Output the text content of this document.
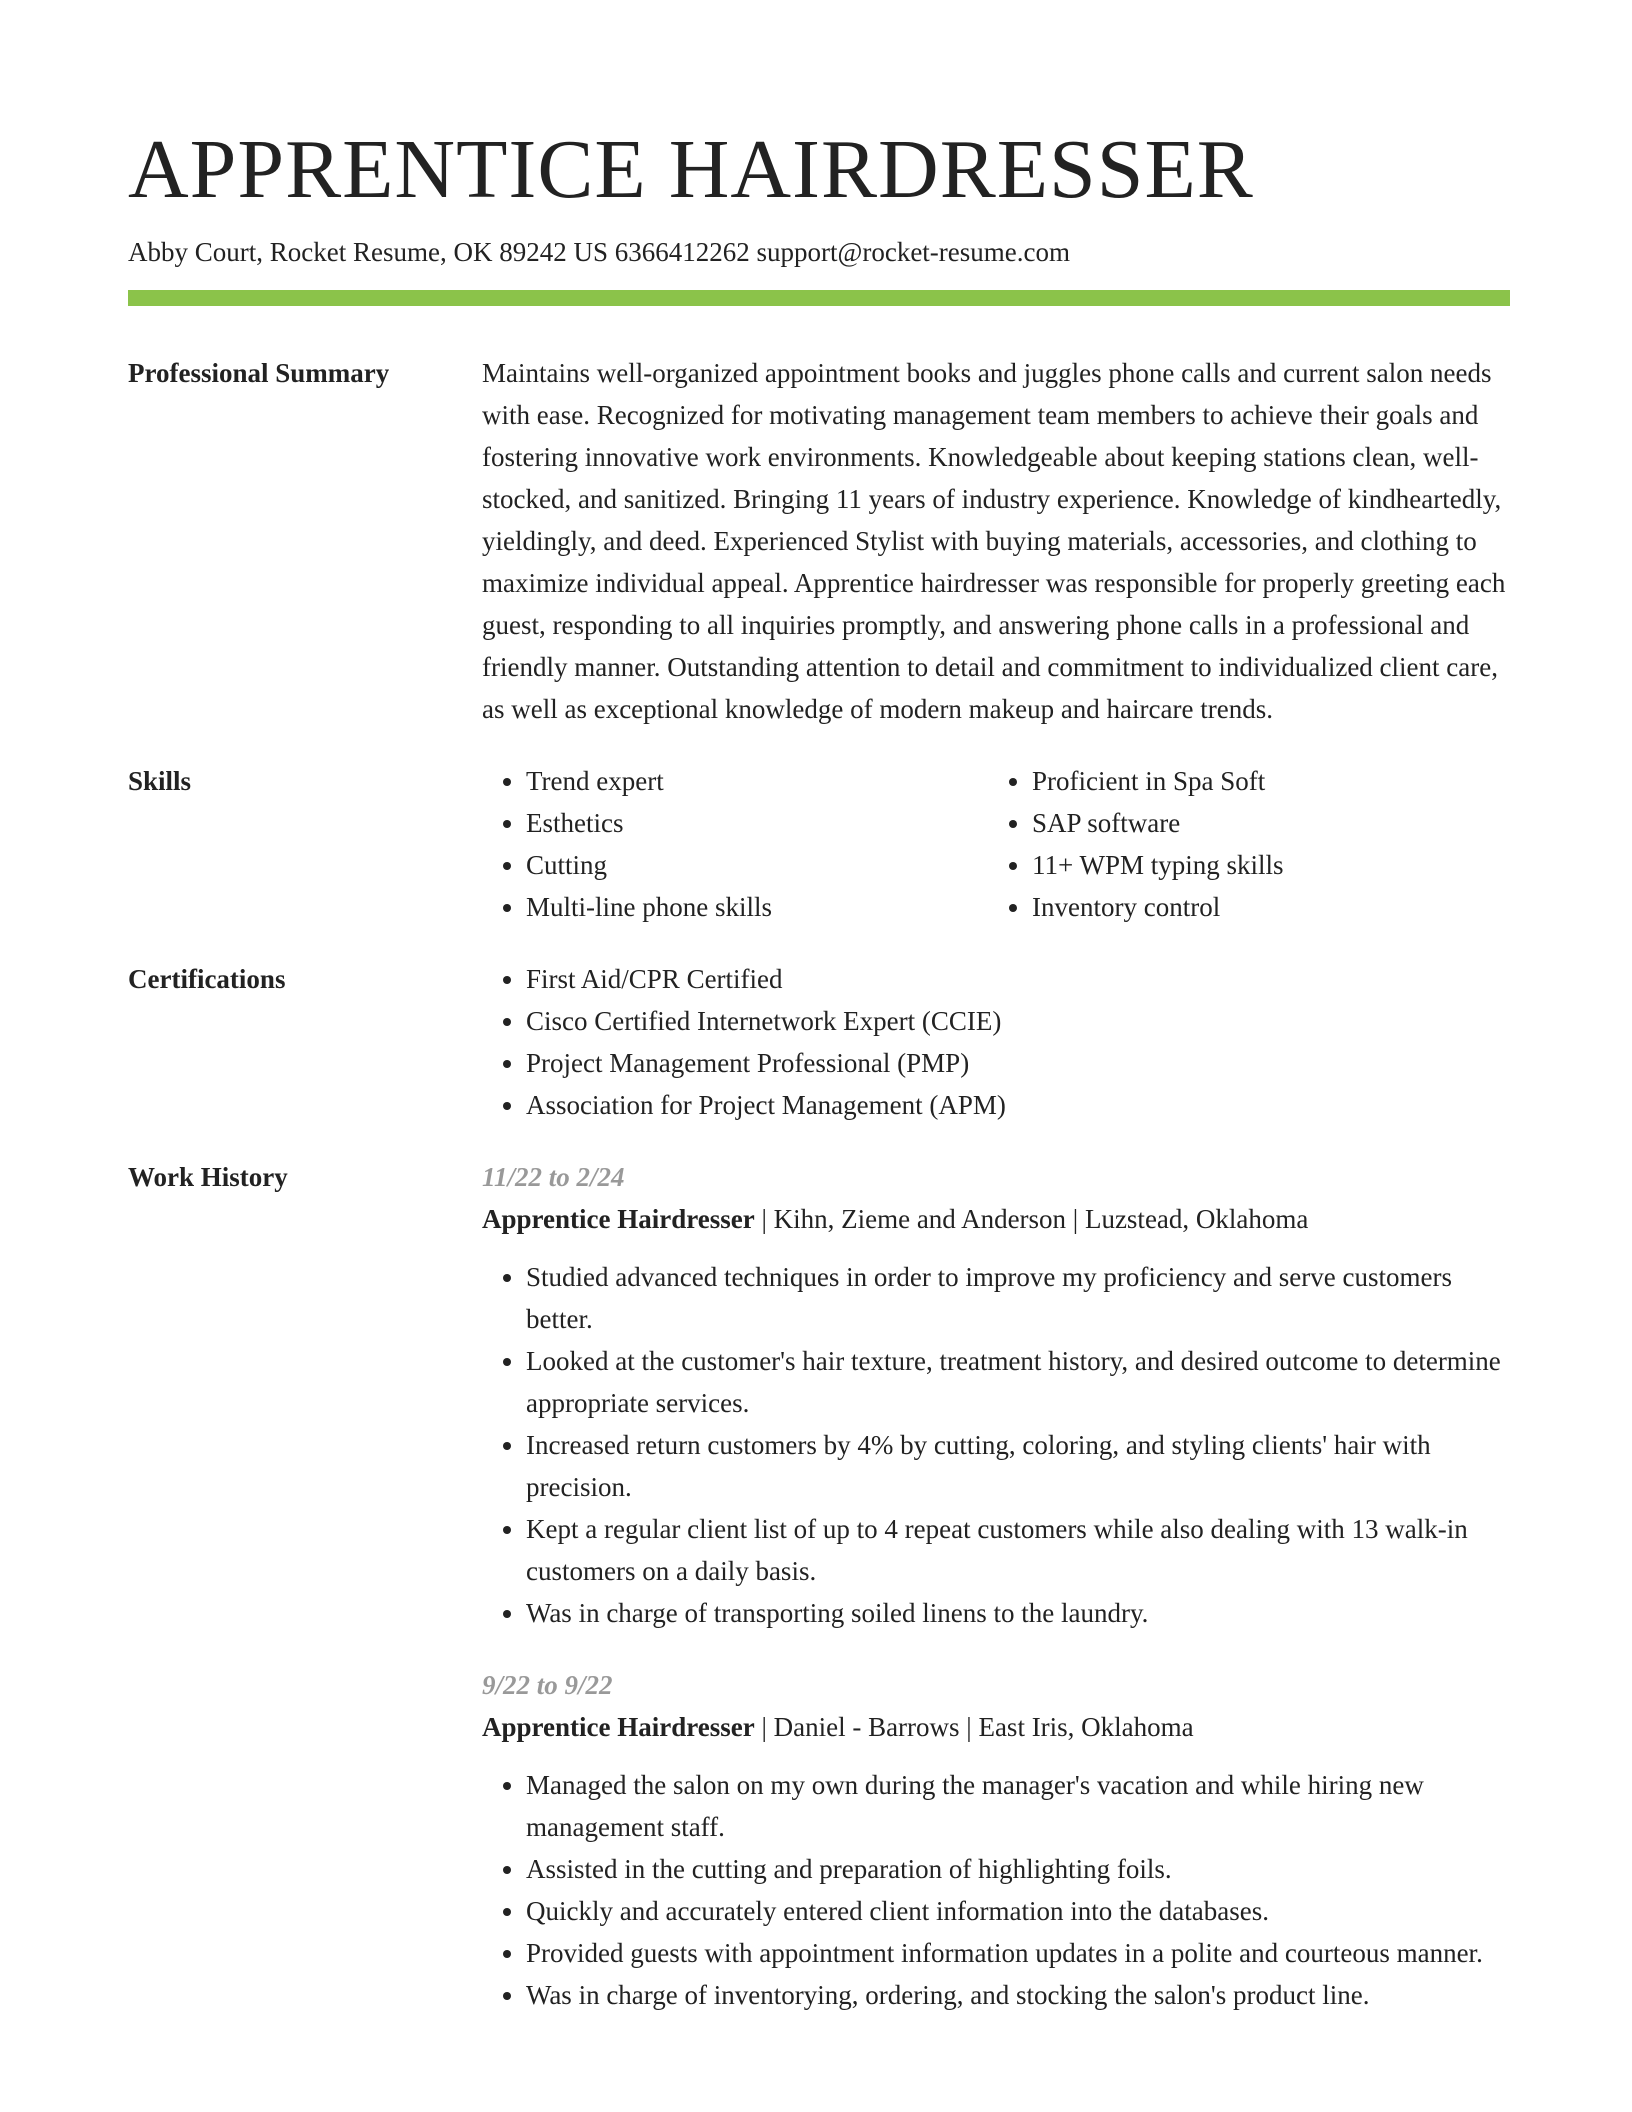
APPRENTICE HAIRDRESSER
Abby Court, Rocket Resume, OK 89242 US 6366412262 support@rocket-resume.com
Professional Summary	Maintains well-organized appointment books and juggles phone calls and current salon needs with ease. Recognized for motivating management team members to achieve their goals and fostering innovative work environments. Knowledgeable about keeping stations clean, well-stocked, and sanitized. Bringing 11 years of industry experience. Knowledge of kindheartedly, yieldingly, and deed. Experienced Stylist with buying materials, accessories, and clothing to maximize individual appeal. Apprentice hairdresser was responsible for properly greeting each guest, responding to all inquiries promptly, and answering phone calls in a professional and friendly manner. Outstanding attention to detail and commitment to individualized client care, as well as exceptional knowledge of modern makeup and haircare trends.
Skills	• Trend expert
• Esthetics
• Cutting
• Multi-line phone skills
• Proficient in Spa Soft
• SAP software
• 11+ WPM typing skills
• Inventory control
Certifications	• First Aid/CPR Certified
• Cisco Certified Internetwork Expert (CCIE)
• Project Management Professional (PMP)
• Association for Project Management (APM)
Work History	11/22 to 2/24
Apprentice Hairdresser | Kihn, Zieme and Anderson | Luzstead, Oklahoma
• Studied advanced techniques in order to improve my proficiency and serve customers better.
• Looked at the customer's hair texture, treatment history, and desired outcome to determine appropriate services.
• Increased return customers by 4% by cutting, coloring, and styling clients' hair with precision.
• Kept a regular client list of up to 4 repeat customers while also dealing with 13 walk-in customers on a daily basis.
• Was in charge of transporting soiled linens to the laundry.
9/22 to 9/22
Apprentice Hairdresser | Daniel - Barrows | East Iris, Oklahoma
• Managed the salon on my own during the manager's vacation and while hiring new management staff.
• Assisted in the cutting and preparation of highlighting foils.
• Quickly and accurately entered client information into the databases.
• Provided guests with appointment information updates in a polite and courteous manner.
• Was in charge of inventorying, ordering, and stocking the salon's product line.
